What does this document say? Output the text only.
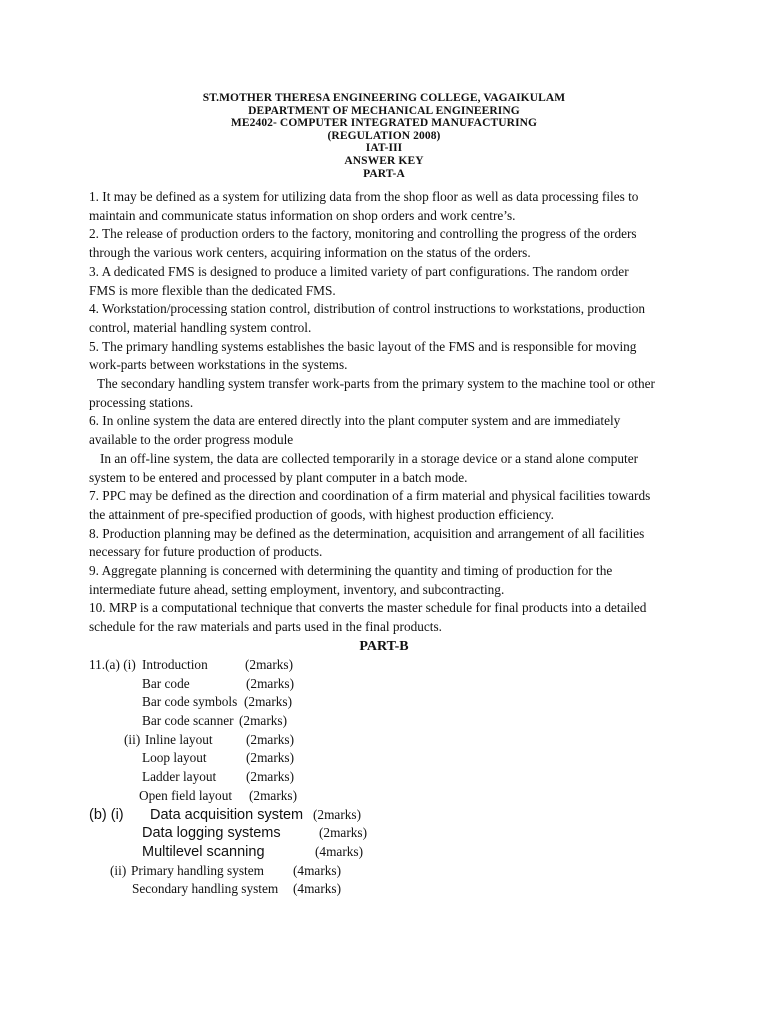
ST.MOTHER THERESA ENGINEERING COLLEGE, VAGAIKULAM
DEPARTMENT OF MECHANICAL ENGINEERING
ME2402- COMPUTER INTEGRATED MANUFACTURING
(REGULATION 2008)
IAT-III
ANSWER KEY
PART-A

1. It may be defined as a system for utilizing data from the shop floor as well as data processing files to

maintain and communicate status information on shop orders and work centre’s.

2. The release of production orders to the factory, monitoring and controlling the progress of the orders

through the various work centers, acquiring information on the status of the orders.

3. A dedicated FMS is designed to produce a limited variety of part configurations. The random order

FMS is more flexible than the dedicated FMS.

4. Workstation/processing station control, distribution of control instructions to workstations, production

control, material handling system control.

5. The primary handling systems establishes the basic layout of the FMS and is responsible for moving

work-parts between workstations in the systems.

The secondary handling system transfer work-parts from the primary system to the machine tool or other

processing stations.

6. In online system the data are entered directly into the plant computer system and are immediately

available to the order progress module

In an off-line system, the data are collected temporarily in a storage device or a stand alone computer

system to be entered and processed by plant computer in a batch mode.

7. PPC may be defined as the direction and coordination of a firm material and physical facilities towards

the attainment of pre-specified production of goods, with highest production efficiency.

8. Production planning may be defined as the determination, acquisition and arrangement of all facilities

necessary for future production of products.

9. Aggregate planning is concerned with determining the quantity and timing of production for the

intermediate future ahead, setting employment, inventory, and subcontracting.

10. MRP is a computational technique that converts the master schedule for final products into a detailed

schedule for the raw materials and parts used in the final products.

PART-B
11.(a) (i) Introduction	(2marks)
Bar code	(2marks)
Bar code symbols (2marks)
Bar code scanner (2marks)
(ii) Inline layout	(2marks)
Loop layout	(2marks)
Ladder layout (2marks)
Open field layout (2marks)
(b) (i) Data acquisition system (2marks)
Data logging systems	(2marks)
Multilevel scanning	(4marks)
(ii) Primary handling system (4marks)
Secondary handling system (4marks)
